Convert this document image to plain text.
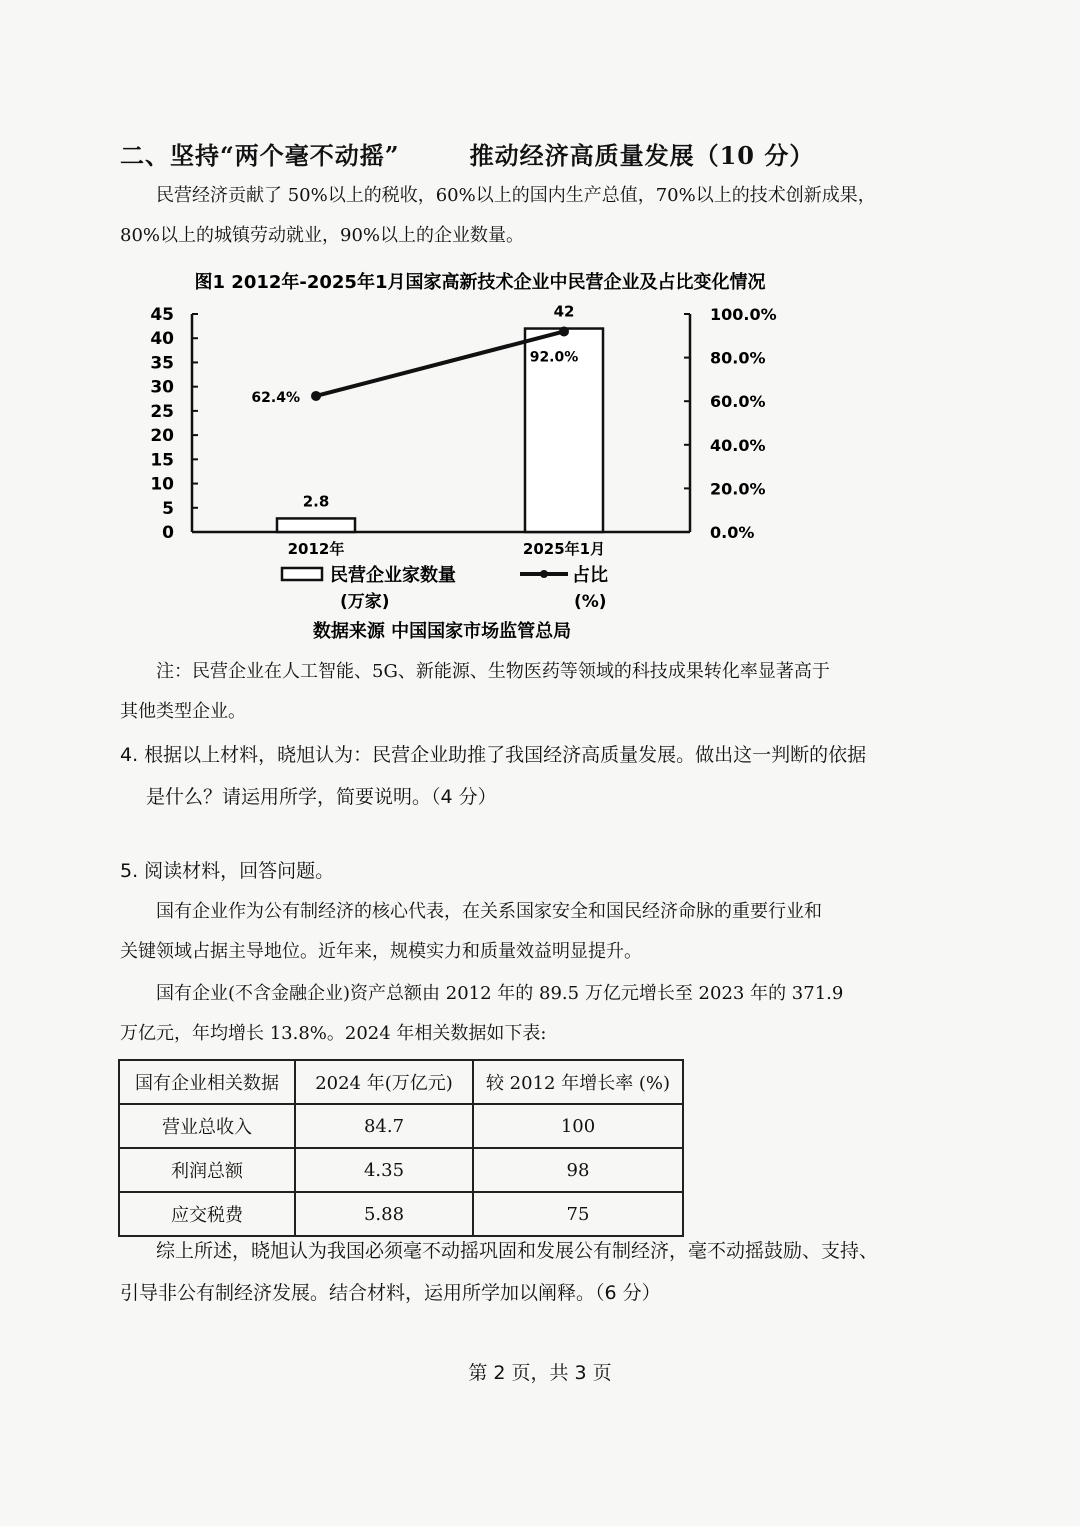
二、坚持“两个毫不动摇”	推动经济高质量发展（10 分）
民营经济贡献了 50%以上的税收，60%以上的国内生产总值，70%以上的技术创新成果，
80%以上的城镇劳动就业，90%以上的企业数量。
图1 2012年-2025年1月国家高新技术企业中民营企业及占比变化情况
0
5
10
15
20
25
30
35
40
45
0.0%
20.0%
40.0%
60.0%
80.0%
100.0%
2012年	2025年1月
2.8
42
62.4%
92.0%
民营企业家数量
(万家)
占比
(%)
数据来源 中国国家市场监管总局
注：民营企业在人工智能、5G、新能源、生物医药等领域的科技成果转化率显著高于
其他类型企业。
4. 根据以上材料，晓旭认为：民营企业助推了我国经济高质量发展。做出这一判断的依据
是什么？请运用所学，简要说明。（4 分）
5. 阅读材料，回答问题。
国有企业作为公有制经济的核心代表，在关系国家安全和国民经济命脉的重要行业和
关键领域占据主导地位。近年来，规模实力和质量效益明显提升。
国有企业(不含金融企业)资产总额由 2012 年的 89.5 万亿元增长至 2023 年的 371.9
万亿元，年均增长 13.8%。2024 年相关数据如下表:
国有企业相关数据	2024 年(万亿元)	较 2012 年增长率 (%)
营业总收入	84.7	100
利润总额	4.35	98
应交税费	5.88	75
综上所述，晓旭认为我国必须毫不动摇巩固和发展公有制经济，毫不动摇鼓励、支持、
引导非公有制经济发展。结合材料，运用所学加以阐释。（6 分）
第 2 页，共 3 页
